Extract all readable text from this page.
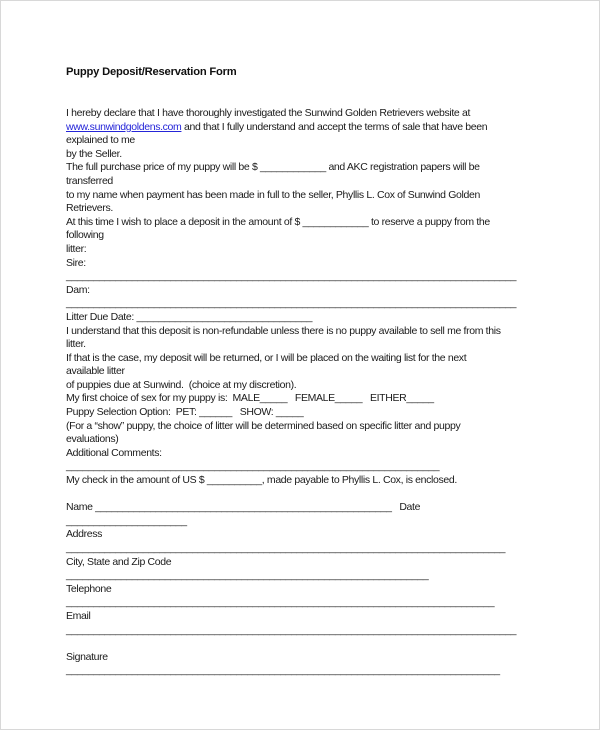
Puppy Deposit/Reservation Form
I hereby declare that I have thoroughly investigated the Sunwind Golden Retrievers website at
www.sunwindgoldens.com and that I fully understand and accept the terms of sale that have been
explained to me
by the Seller.
The full purchase price of my puppy will be $ ____________ and AKC registration papers will be
transferred
to my name when payment has been made in full to the seller, Phyllis L. Cox of Sunwind Golden
Retrievers.
At this time I wish to place a deposit in the amount of $ ____________ to reserve a puppy from the
following
litter:
Sire:
__________________________________________________________________________________
Dam:
__________________________________________________________________________________
Litter Due Date: ________________________________
I understand that this deposit is non-refundable unless there is no puppy available to sell me from this
litter.
If that is the case, my deposit will be returned, or I will be placed on the waiting list for the next
available litter
of puppies due at Sunwind.  (choice at my discretion).
My first choice of sex for my puppy is:  MALE_____   FEMALE_____   EITHER_____
Puppy Selection Option:  PET: ______   SHOW: _____
(For a “show” puppy, the choice of litter will be determined based on specific litter and puppy
evaluations)
Additional Comments:
____________________________________________________________________
My check in the amount of US $ __________, made payable to Phyllis L. Cox, is enclosed.
Name ______________________________________________________   Date
______________________
Address
________________________________________________________________________________
City, State and Zip Code
__________________________________________________________________
Telephone
______________________________________________________________________________
Email
__________________________________________________________________________________
Signature
_______________________________________________________________________________
